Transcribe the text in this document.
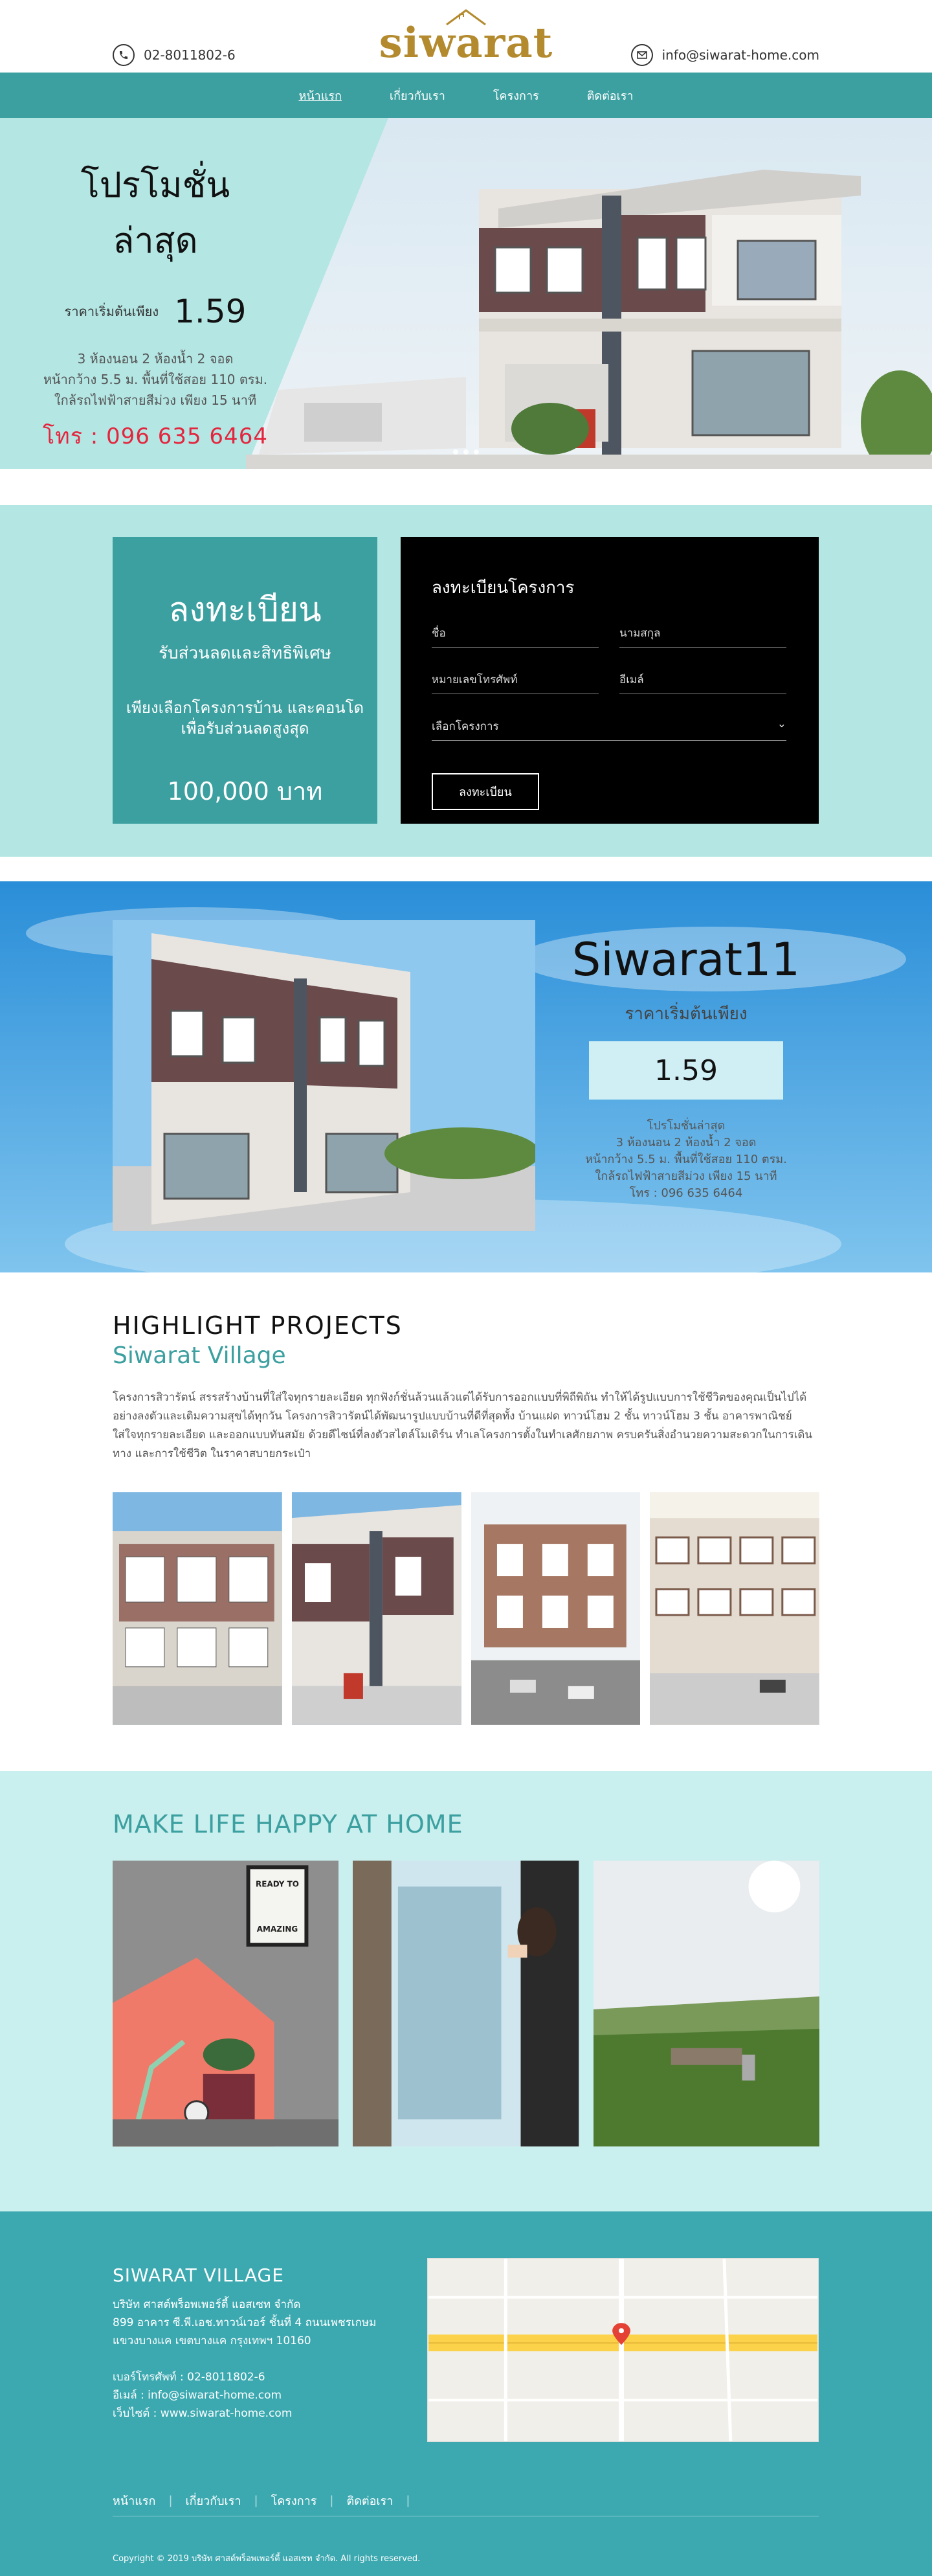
02-8011802-6	siwarat	info@siwarat-home.com
หน้าแรก	เกี่ยวกับเรา	โครงการ	ติดต่อเรา
โปรโมชั่นล่าสุด
ราคาเริ่มต้นเพียง 1.59
3 ห้องนอน 2 ห้องน้ำ 2 จอด
หน้ากว้าง 5.5 ม. พื้นที่ใช้สอย 110 ตรม.
ใกล้รถไฟฟ้าสายสีม่วง เพียง 15 นาที
โทร : 096 635 6464
ลงทะเบียน
รับส่วนลดและสิทธิพิเศษ
เพียงเลือกโครงการบ้าน และคอนโด
เพื่อรับส่วนลดสูงสุด
100,000 บาท
ลงทะเบียนโครงการ
ชื่อ	นามสกุล
หมายเลขโทรศัพท์	อีเมล์
เลือกโครงการ	⌄
ลงทะเบียน
Siwarat11
ราคาเริ่มต้นเพียง
1.59
โปรโมชั่นล่าสุด
3 ห้องนอน 2 ห้องน้ำ 2 จอด
หน้ากว้าง 5.5 ม. พื้นที่ใช้สอย 110 ตรม.
ใกล้รถไฟฟ้าสายสีม่วง เพียง 15 นาที
โทร : 096 635 6464
HIGHLIGHT PROJECTS
Siwarat Village

โครงการสิวารัตน์ สรรสร้างบ้านที่ใส่ใจทุกรายละเอียด ทุกฟังก์ชั่นล้วนแล้วแต่ได้รับการออกแบบที่พิถีพิถัน ทำให้ได้รูปแบบการใช้ชีวิตของคุณเป็นไปได้อย่างลงตัวและเติมความสุขได้ทุกวัน โครงการสิวารัตน์ได้พัฒนารูปแบบบ้านที่ดีที่สุดทั้ง บ้านแฝด ทาวน์โฮม 2 ชั้น ทาวน์โฮม 3 ชั้น อาคารพาณิชย์ ใส่ใจทุกรายละเอียด และออกแบบทันสมัย ด้วยดีไซน์ที่ลงตัวสไตล์โมเดิร์น ทำเลโครงการตั้งในทำเลศักยภาพ ครบครันสิ่งอำนวยความสะดวกในการเดินทาง และการใช้ชีวิต ในราคาสบายกระเป๋า

MAKE LIFE HAPPY AT HOME
READY TO
AMAZING
SIWARAT VILLAGE
บริษัท ศาสต์พร็อพเพอร์ตี้ แอสเซท จำกัด
899 อาคาร ซี.พี.เอช.ทาวน์เวอร์ ชั้นที่ 4 ถนนเพชรเกษม
แขวงบางแค เขตบางแค กรุงเทพฯ 10160

เบอร์โทรศัพท์ : 02-8011802-6
อีเมล์ : info@siwarat-home.com
เว็บไซต์ : www.siwarat-home.com
หน้าแรก | เกี่ยวกับเรา | โครงการ | ติดต่อเรา |
Copyright © 2019 บริษัท ศาสต์พร็อพเพอร์ตี้ แอสเซท จำกัด. All rights reserved.
